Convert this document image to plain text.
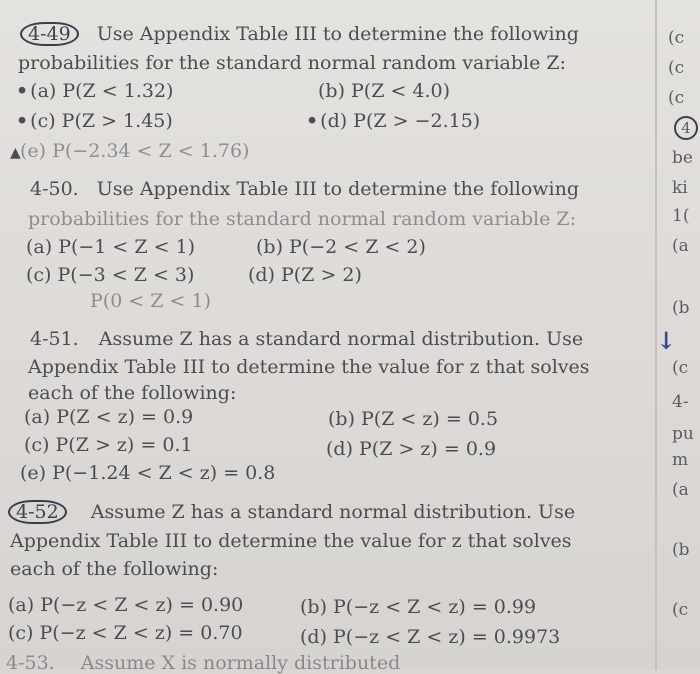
4-49 Use Appendix Table III to determine the following
probabilities for the standard normal random variable Z:
• (a) P(Z < 1.32)	(b) P(Z < 4.0)
• (c) P(Z > 1.45)	• (d) P(Z > −2.15)
▲ (e) P(−2.34 < Z < 1.76)
4-50. Use Appendix Table III to determine the following
probabilities for the standard normal random variable Z:
(a) P(−1 < Z < 1)	(b) P(−2 < Z < 2)
(c) P(−3 < Z < 3)	(d) P(Z > 2)
P(0 < Z < 1)
4-51. Assume Z has a standard normal distribution. Use
Appendix Table III to determine the value for z that solves
each of the following:
(a) P(Z < z) = 0.9	(b) P(Z < z) = 0.5
(c) P(Z > z) = 0.1	(d) P(Z > z) = 0.9
(e) P(−1.24 < Z < z) = 0.8
4-52 Assume Z has a standard normal distribution. Use
Appendix Table III to determine the value for z that solves
each of the following:
(a) P(−z < Z < z) = 0.90	(b) P(−z < Z < z) = 0.99
(c) P(−z < Z < z) = 0.70	(d) P(−z < Z < z) = 0.9973
4-53. Assume X is normally distributed
(c
(c
(c
4
be
ki
1(
(a
(b
↓
(c
4-
pu
m
(a
(b
(c
